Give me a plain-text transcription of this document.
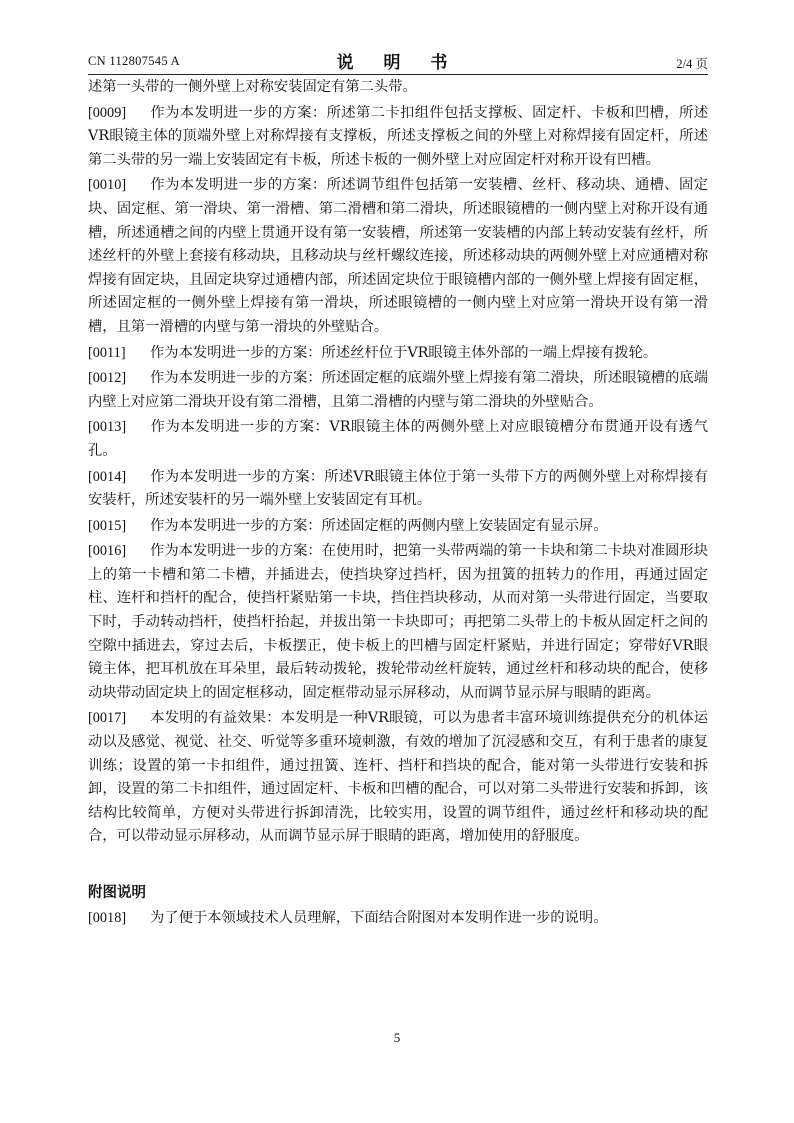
CN 112807545 A	说 明 书	2/4 页

述第一头带的一侧外壁上对称安装固定有第二头带。

[0009] 作为本发明进一步的方案：所述第二卡扣组件包括支撑板、固定杆、卡板和凹槽，所述VR眼镜主体的顶端外壁上对称焊接有支撑板，所述支撑板之间的外壁上对称焊接有固定杆，所述第二头带的另一端上安装固定有卡板，所述卡板的一侧外壁上对应固定杆对称开设有凹槽。

[0010] 作为本发明进一步的方案：所述调节组件包括第一安装槽、丝杆、移动块、通槽、固定块、固定框、第一滑块、第一滑槽、第二滑槽和第二滑块，所述眼镜槽的一侧内壁上对称开设有通槽，所述通槽之间的内壁上贯通开设有第一安装槽，所述第一安装槽的内部上转动安装有丝杆，所述丝杆的外壁上套接有移动块，且移动块与丝杆螺纹连接，所述移动块的两侧外壁上对应通槽对称焊接有固定块，且固定块穿过通槽内部，所述固定块位于眼镜槽内部的一侧外壁上焊接有固定框，所述固定框的一侧外壁上焊接有第一滑块，所述眼镜槽的一侧内壁上对应第一滑块开设有第一滑槽，且第一滑槽的内壁与第一滑块的外壁贴合。

[0011] 作为本发明进一步的方案：所述丝杆位于VR眼镜主体外部的一端上焊接有拨轮。

[0012] 作为本发明进一步的方案：所述固定框的底端外壁上焊接有第二滑块，所述眼镜槽的底端内壁上对应第二滑块开设有第二滑槽，且第二滑槽的内壁与第二滑块的外壁贴合。

[0013] 作为本发明进一步的方案：VR眼镜主体的两侧外壁上对应眼镜槽分布贯通开设有透气孔。

[0014] 作为本发明进一步的方案：所述VR眼镜主体位于第一头带下方的两侧外壁上对称焊接有安装杆，所述安装杆的另一端外壁上安装固定有耳机。

[0015] 作为本发明进一步的方案：所述固定框的两侧内壁上安装固定有显示屏。

[0016] 作为本发明进一步的方案：在使用时，把第一头带两端的第一卡块和第二卡块对准圆形块上的第一卡槽和第二卡槽，并插进去，使挡块穿过挡杆，因为扭簧的扭转力的作用，再通过固定柱、连杆和挡杆的配合，使挡杆紧贴第一卡块，挡住挡块移动，从而对第一头带进行固定，当要取下时，手动转动挡杆，使挡杆抬起，并拔出第一卡块即可；再把第二头带上的卡板从固定杆之间的空隙中插进去，穿过去后，卡板摆正，使卡板上的凹槽与固定杆紧贴，并进行固定；穿带好VR眼镜主体，把耳机放在耳朵里，最后转动拨轮，拨轮带动丝杆旋转，通过丝杆和移动块的配合，使移动块带动固定块上的固定框移动，固定框带动显示屏移动，从而调节显示屏与眼睛的距离。

[0017] 本发明的有益效果：本发明是一种VR眼镜，可以为患者丰富环境训练提供充分的机体运动以及感觉、视觉、社交、听觉等多重环境刺激，有效的增加了沉浸感和交互，有利于患者的康复训练；设置的第一卡扣组件，通过扭簧、连杆、挡杆和挡块的配合，能对第一头带进行安装和拆卸，设置的第二卡扣组件，通过固定杆、卡板和凹槽的配合，可以对第二头带进行安装和拆卸，该结构比较简单，方便对头带进行拆卸清洗，比较实用，设置的调节组件，通过丝杆和移动块的配合，可以带动显示屏移动，从而调节显示屏于眼睛的距离，增加使用的舒服度。

附图说明

[0018] 为了便于本领域技术人员理解，下面结合附图对本发明作进一步的说明。

5
